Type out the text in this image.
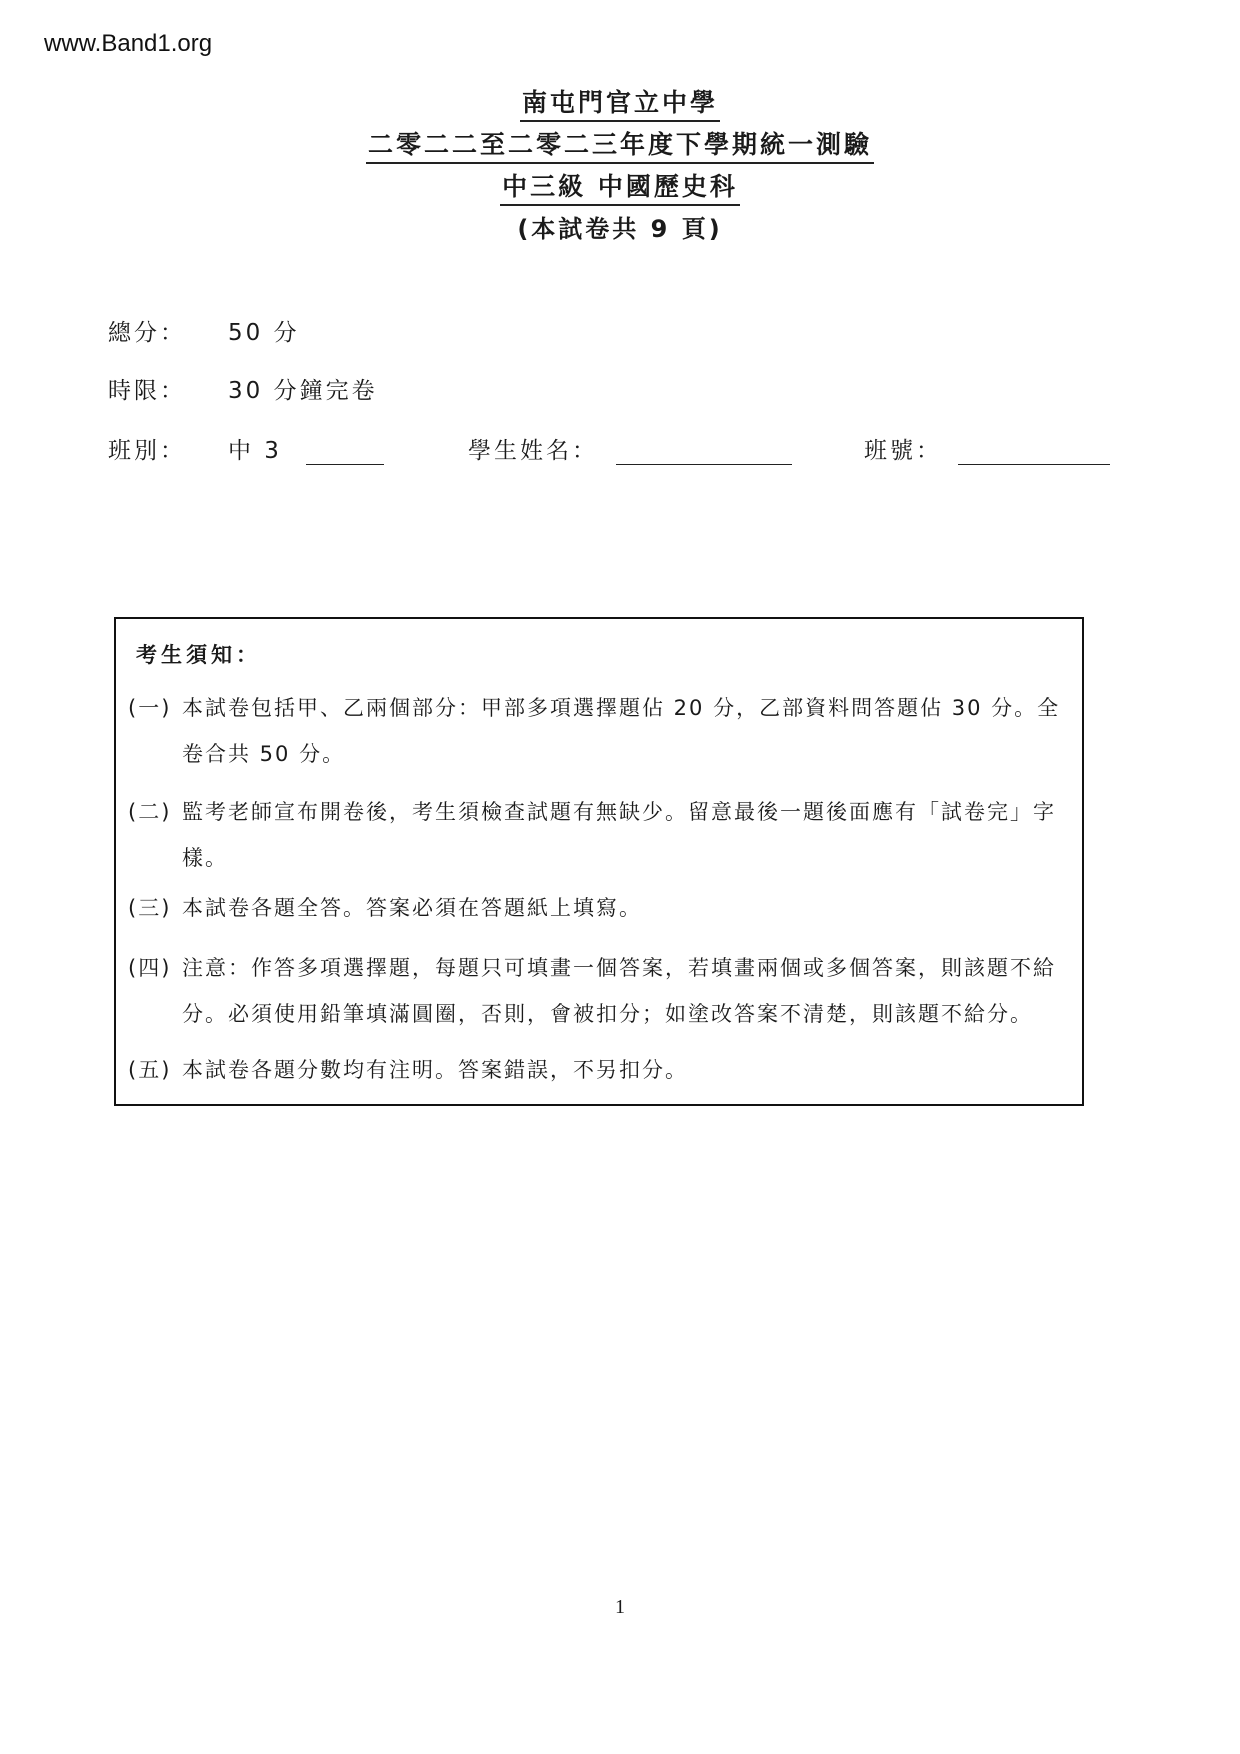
www.Band1.org
南屯門官立中學
二零二二至二零二三年度下學期統一測驗
中三級 中國歷史科
(本試卷共 9 頁)
總分： 50 分
時限： 30 分鐘完卷
班別： 中 3	學生姓名：	班號：
考生須知：
(一) 本試卷包括甲、乙兩個部分：甲部多項選擇題佔 20 分，乙部資料問答題佔 30 分。全卷合共 50 分。
(二) 監考老師宣布開卷後，考生須檢查試題有無缺少。留意最後一題後面應有「試卷完」字樣。
(三) 本試卷各題全答。答案必須在答題紙上填寫。
(四) 注意：作答多項選擇題，每題只可填畫一個答案，若填畫兩個或多個答案，則該題不給分。必須使用鉛筆填滿圓圈，否則，會被扣分；如塗改答案不清楚，則該題不給分。
(五) 本試卷各題分數均有注明。答案錯誤，不另扣分。
1
